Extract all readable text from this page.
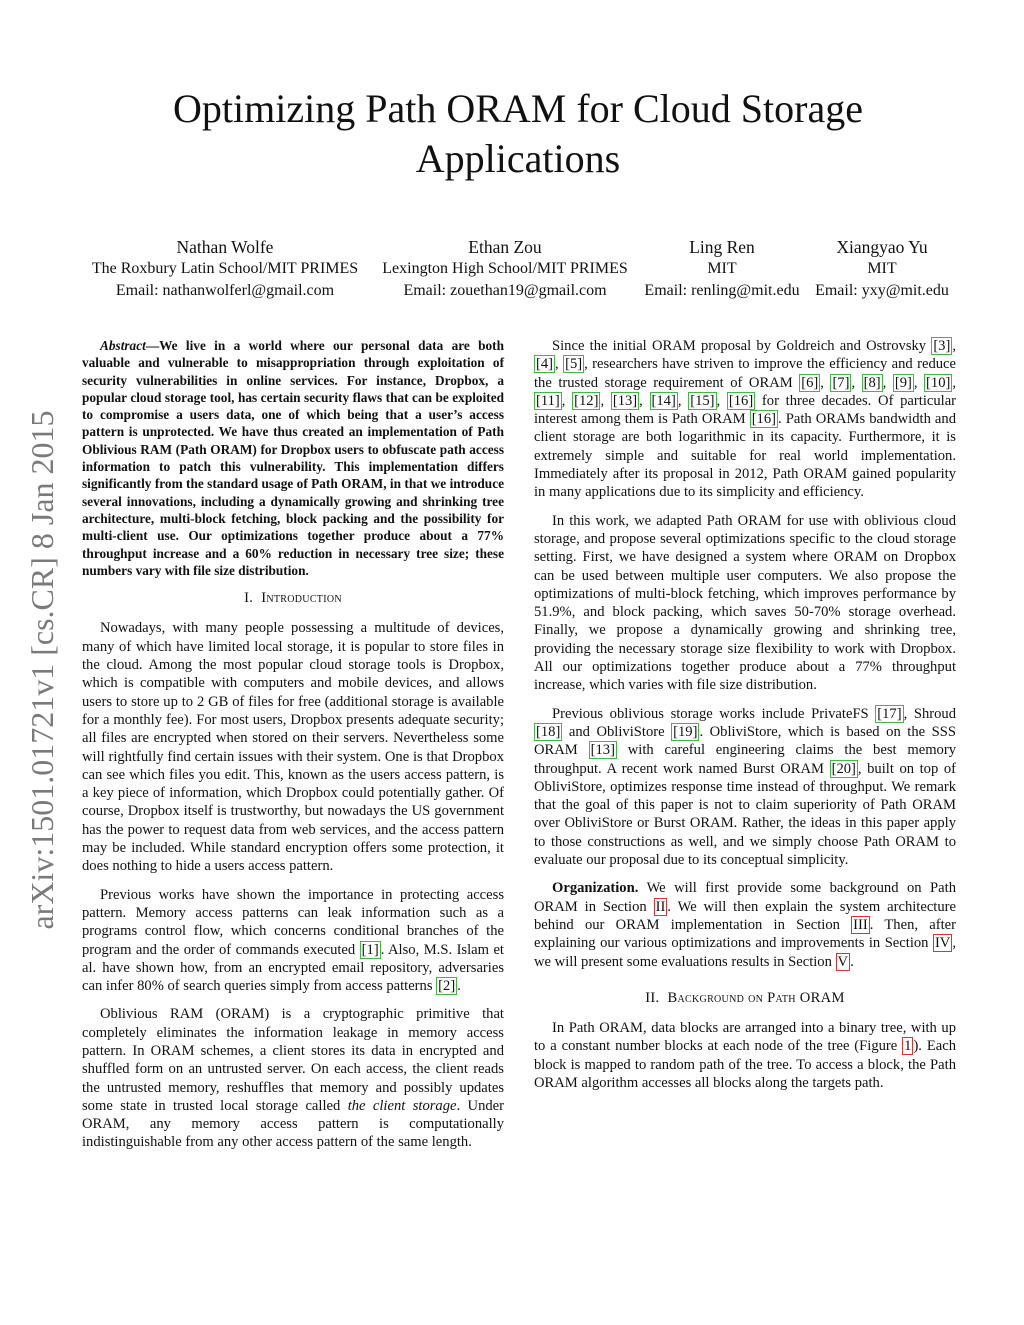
arXiv:1501.01721v1 [cs.CR] 8 Jan 2015
Optimizing Path ORAM for Cloud Storage Applications
Nathan Wolfe
The Roxbury Latin School/MIT PRIMES
Email: nathanwolferl@gmail.com
Ethan Zou
Lexington High School/MIT PRIMES
Email: zouethan19@gmail.com
Ling Ren
MIT
Email: renling@mit.edu
Xiangyao Yu
MIT
Email: yxy@mit.edu

Abstract—We live in a world where our personal data are both valuable and vulnerable to misappropriation through exploitation of security vulnerabilities in online services. For instance, Dropbox, a popular cloud storage tool, has certain security flaws that can be exploited to compromise a users data, one of which being that a user’s access pattern is unprotected. We have thus created an implementation of Path Oblivious RAM (Path ORAM) for Dropbox users to obfuscate path access information to patch this vulnerability. This implementation differs significantly from the standard usage of Path ORAM, in that we introduce several innovations, including a dynamically growing and shrinking tree architecture, multi-block fetching, block packing and the possibility for multi-client use. Our optimizations together produce about a 77% throughput increase and a 60% reduction in necessary tree size; these numbers vary with file size distribution.

I. Introduction

Nowadays, with many people possessing a multitude of devices, many of which have limited local storage, it is popular to store files in the cloud. Among the most popular cloud storage tools is Dropbox, which is compatible with computers and mobile devices, and allows users to store up to 2 GB of files for free (additional storage is available for a monthly fee). For most users, Dropbox presents adequate security; all files are encrypted when stored on their servers. Nevertheless some will rightfully find certain issues with their system. One is that Dropbox can see which files you edit. This, known as the users access pattern, is a key piece of information, which Dropbox could potentially gather. Of course, Dropbox itself is trustworthy, but nowadays the US government has the power to request data from web services, and the access pattern may be included. While standard encryption offers some protection, it does nothing to hide a users access pattern.

Previous works have shown the importance in protecting access pattern. Memory access patterns can leak information such as a programs control flow, which concerns conditional branches of the program and the order of commands executed [1] . Also, M.S. Islam et al. have shown how, from an encrypted email repository, adversaries can infer 80% of search queries simply from access patterns [2] .

Oblivious RAM (ORAM) is a cryptographic primitive that completely eliminates the information leakage in memory access pattern. In ORAM schemes, a client stores its data in encrypted and shuffled form on an untrusted server. On each access, the client reads the untrusted memory, reshuffles that memory and possibly updates some state in trusted local storage called the client storage. Under ORAM, any memory access pattern is computationally indistinguishable from any other access pattern of the same length.

Since the initial ORAM proposal by Goldreich and Ostrovsky [3] , [4] , [5] , researchers have striven to improve the efficiency and reduce the trusted storage requirement of ORAM [6] , [7] , [8] , [9] , [10] , [11] , [12] , [13] , [14] , [15] , [16] for three decades. Of particular interest among them is Path ORAM [16] . Path ORAMs bandwidth and client storage are both logarithmic in its capacity. Furthermore, it is extremely simple and suitable for real world implementation. Immediately after its proposal in 2012, Path ORAM gained popularity in many applications due to its simplicity and efficiency.

In this work, we adapted Path ORAM for use with oblivious cloud storage, and propose several optimizations specific to the cloud storage setting. First, we have designed a system where ORAM on Dropbox can be used between multiple user computers. We also propose the optimizations of multi-block fetching, which improves performance by 51.9%, and block packing, which saves 50-70% storage overhead. Finally, we propose a dynamically growing and shrinking tree, providing the necessary storage size flexibility to work with Dropbox. All our optimizations together produce about a 77% throughput increase, which varies with file size distribution.

Previous oblivious storage works include PrivateFS [17] , Shroud [18] and ObliviStore [19] . ObliviStore, which is based on the SSS ORAM [13] with careful engineering claims the best memory throughput. A recent work named Burst ORAM [20] , built on top of ObliviStore, optimizes response time instead of throughput. We remark that the goal of this paper is not to claim superiority of Path ORAM over ObliviStore or Burst ORAM. Rather, the ideas in this paper apply to those constructions as well, and we simply choose Path ORAM to evaluate our proposal due to its conceptual simplicity.

Organization. We will first provide some background on Path ORAM in Section II . We will then explain the system architecture behind our ORAM implementation in Section III . Then, after explaining our various optimizations and improvements in Section IV , we will present some evaluations results in Section V .

II. Background on Path ORAM

In Path ORAM, data blocks are arranged into a binary tree, with up to a constant number blocks at each node of the tree (Figure 1 ). Each block is mapped to random path of the tree. To access a block, the Path ORAM algorithm accesses all blocks along the targets path.
